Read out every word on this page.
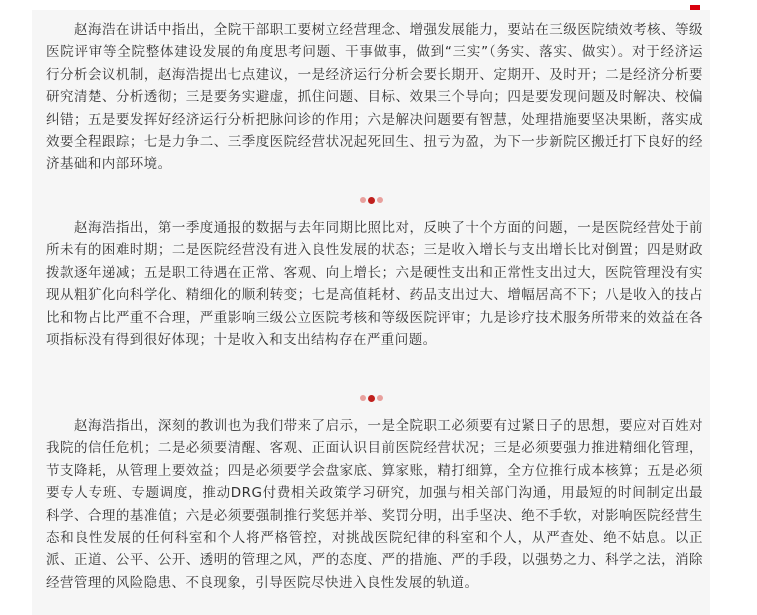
赵海浩在讲话中指出，全院干部职工要树立经营理念、增强发展能力，要站在三级医院绩效考核、等级医院评审等全院整体建设发展的角度思考问题、干事做事，做到“三实”（务实、落实、做实）。对于经济运行分析会议机制，赵海浩提出七点建议，一是经济运行分析会要长期开、定期开、及时开；二是经济分析要研究清楚、分析透彻；三是要务实避虚，抓住问题、目标、效果三个导向；四是要发现问题及时解决、校偏纠错；五是要发挥好经济运行分析把脉问诊的作用；六是解决问题要有智慧，处理措施要坚决果断，落实成效要全程跟踪；七是力争二、三季度医院经营状况起死回生、扭亏为盈，为下一步新院区搬迁打下良好的经济基础和内部环境。

赵海浩指出，第一季度通报的数据与去年同期比照比对，反映了十个方面的问题，一是医院经营处于前所未有的困难时期；二是医院经营没有进入良性发展的状态；三是收入增长与支出增长比对倒置；四是财政拨款逐年递减；五是职工待遇在正常、客观、向上增长；六是硬性支出和正常性支出过大，医院管理没有实现从粗犷化向科学化、精细化的顺利转变；七是高值耗材、药品支出过大、增幅居高不下；八是收入的技占比和物占比严重不合理，严重影响三级公立医院考核和等级医院评审；九是诊疗技术服务所带来的效益在各项指标没有得到很好体现；十是收入和支出结构存在严重问题。

赵海浩指出，深刻的教训也为我们带来了启示，一是全院职工必须要有过紧日子的思想，要应对百姓对我院的信任危机；二是必须要清醒、客观、正面认识目前医院经营状况；三是必须要强力推进精细化管理，节支降耗，从管理上要效益；四是必须要学会盘家底、算家账，精打细算，全方位推行成本核算；五是必须要专人专班、专题调度，推动DRG付费相关政策学习研究，加强与相关部门沟通，用最短的时间制定出最科学、合理的基准值；六是必须要强制推行奖惩并举、奖罚分明，出手坚决、绝不手软，对影响医院经营生态和良性发展的任何科室和个人将严格管控，对挑战医院纪律的科室和个人，从严查处、绝不姑息。以正派、正道、公平、公开、透明的管理之风，严的态度、严的措施、严的手段，以强势之力、科学之法，消除经营管理的风险隐患、不良现象，引导医院尽快进入良性发展的轨道。
